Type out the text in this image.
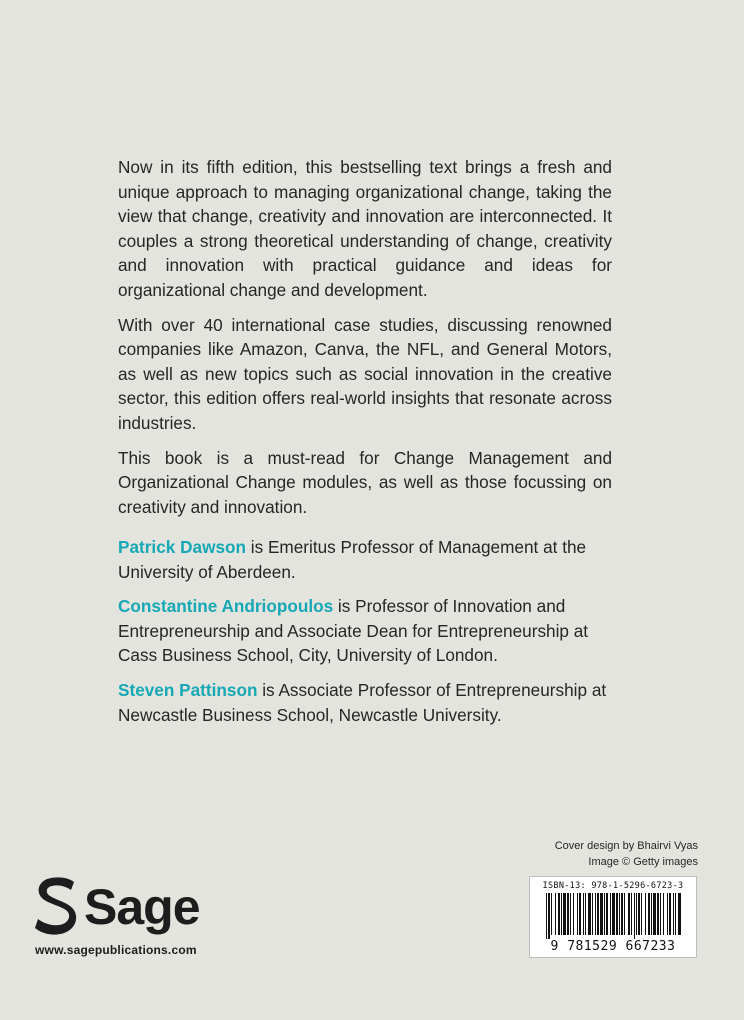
Now in its fifth edition, this bestselling text brings a fresh and unique approach to managing organizational change, taking the view that change, creativity and innovation are interconnected. It couples a strong theoretical understanding of change, creativity and innovation with practical guidance and ideas for organizational change and development.

With over 40 international case studies, discussing renowned companies like Amazon, Canva, the NFL, and General Motors, as well as new topics such as social innovation in the creative sector, this edition offers real-world insights that resonate across industries.

This book is a must-read for Change Management and Organizational Change modules, as well as those focussing on creativity and innovation.

Patrick Dawson is Emeritus Professor of Management at the University of Aberdeen.

Constantine Andriopoulos is Professor of Innovation and Entrepreneurship and Associate Dean for Entrepreneurship at Cass Business School, City, University of London.

Steven Pattinson is Associate Professor of Entrepreneurship at Newcastle Business School, Newcastle University.

Cover design by Bhairvi Vyas
Image © Getty images
ISBN-13: 978-1-5296-6723-3
9 781529 667233
Sage
www.sagepublications.com
